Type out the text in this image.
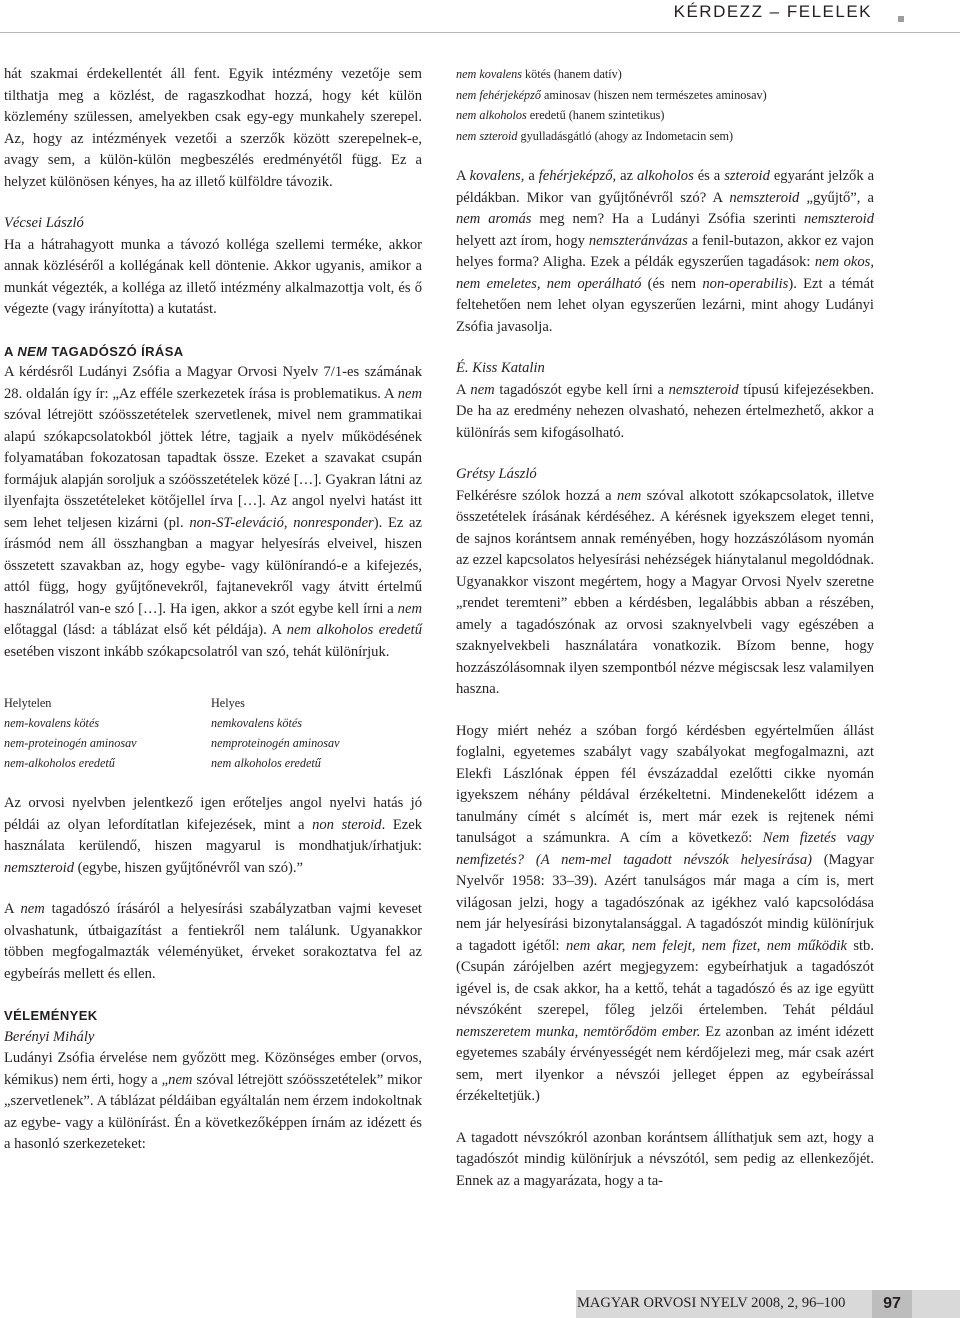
KÉRDEZZ – FELELEK

hát szakmai érdekellentét áll fent. Egyik intézmény vezetője sem tilthatja meg a közlést, de ragaszkodhat hozzá, hogy két külön közlemény szülessen, amelyekben csak egy-egy munkahely szerepel. Az, hogy az intézmények vezetői a szerzők között szerepelnek-e, avagy sem, a külön-külön megbeszélés eredményétől függ. Ez a helyzet különösen kényes, ha az illető külföldre távozik.

Vécsei László

Ha a hátrahagyott munka a távozó kolléga szellemi terméke, akkor annak közléséről a kollégának kell döntenie. Akkor ugyanis, amikor a munkát végezték, a kolléga az illető intézmény alkalmazottja volt, és ő végezte (vagy irányította) a kutatást.

A NEM TAGADÓSZÓ ÍRÁSA

A kérdésről Ludányi Zsófia a Magyar Orvosi Nyelv 7/1-es számának 28. oldalán így ír: „Az efféle szerkezetek írása is problematikus. A nem szóval létrejött szóösszetételek szervetlenek, mivel nem grammatikai alapú szókapcsolatokból jöttek létre, tagjaik a nyelv működésének folyamatában fokozatosan tapadtak össze. Ezeket a szavakat csupán formájuk alapján soroljuk a szóösszetételek közé […]. Gyakran látni az ilyenfajta összetételeket kötőjellel írva […]. Az angol nyelvi hatást itt sem lehet teljesen kizárni (pl. non-ST-eleváció, nonresponder). Ez az írásmód nem áll összhangban a magyar helyesírás elveivel, hiszen összetett szavakban az, hogy egybe- vagy különírandó-e a kifejezés, attól függ, hogy gyűjtőnevekről, fajtanevekről vagy átvitt értelmű használatról van-e szó […]. Ha igen, akkor a szót egybe kell írni a nem előtaggal (lásd: a táblázat első két példája). A nem alkoholos eredetű esetében viszont inkább szókapcsolatról van szó, tehát különírjuk.

Helytelen	Helyes
nem-kovalens kötés	nemkovalens kötés
nem-proteinogén aminosav	nemproteinogén aminosav
nem-alkoholos eredetű	nem alkoholos eredetű

Az orvosi nyelvben jelentkező igen erőteljes angol nyelvi hatás jó példái az olyan lefordítatlan kifejezések, mint a non steroid. Ezek használata kerülendő, hiszen magyarul is mondhatjuk/írhatjuk: nemszteroid (egybe, hiszen gyűjtőnévről van szó).”

A nem tagadószó írásáról a helyesírási szabályzatban vajmi keveset olvashatunk, útbaigazítást a fentiekről nem találunk. Ugyanakkor többen megfogalmazták véleményüket, érveket sorakoztatva fel az egybeírás mellett és ellen.

VÉLEMÉNYEK
Berényi Mihály

Ludányi Zsófia érvelése nem győzött meg. Közönséges ember (orvos, kémikus) nem érti, hogy a „nem szóval létrejött szóösszetételek” mikor „szervetlenek”. A táblázat példáiban egyáltalán nem érzem indokoltnak az egybe- vagy a különírást. Én a következőképpen írnám az idézett és a hasonló szerkezeteket:

nem kovalens kötés (hanem datív)
nem fehérjeképző aminosav (hiszen nem természetes aminosav)
nem alkoholos eredetű (hanem szintetikus)
nem szteroid gyulladásgátló (ahogy az Indometacin sem)

A kovalens, a fehérjeképző, az alkoholos és a szteroid egyaránt jelzők a példákban. Mikor van gyűjtőnévről szó? A nemszteroid „gyűjtő”, a nem aromás meg nem? Ha a Ludányi Zsófia szerinti nemszteroid helyett azt írom, hogy nemszteránvázas a fenil-butazon, akkor ez vajon helyes forma? Aligha. Ezek a példák egyszerűen tagadások: nem okos, nem emeletes, nem operálható (és nem non-operabilis). Ezt a témát feltehetően nem lehet olyan egyszerűen lezárni, mint ahogy Ludányi Zsófia javasolja.

É. Kiss Katalin

A nem tagadószót egybe kell írni a nemszteroid típusú kifejezésekben. De ha az eredmény nehezen olvasható, nehezen értelmezhető, akkor a különírás sem kifogásolható.

Grétsy László

Felkérésre szólok hozzá a nem szóval alkotott szókapcsolatok, illetve összetételek írásának kérdéséhez. A kérésnek igyekszem eleget tenni, de sajnos korántsem annak reményében, hogy hozzászólásom nyomán az ezzel kapcsolatos helyesírási nehézségek hiánytalanul megoldódnak. Ugyanakkor viszont megértem, hogy a Magyar Orvosi Nyelv szeretne „rendet teremteni” ebben a kérdésben, legalábbis abban a részében, amely a tagadószónak az orvosi szaknyelvbeli vagy egészében a szaknyelvekbeli használatára vonatkozik. Bízom benne, hogy hozzászólásomnak ilyen szempontból nézve mégiscsak lesz valamilyen haszna.

Hogy miért nehéz a szóban forgó kérdésben egyértelműen állást foglalni, egyetemes szabályt vagy szabályokat megfogalmazni, azt Elekfi Lászlónak éppen fél évszázaddal ezelőtti cikke nyomán igyekszem néhány példával érzékeltetni. Mindenekelőtt idézem a tanulmány címét s alcímét is, mert már ezek is rejtenek némi tanulságot a számunkra. A cím a következő: Nem fizetés vagy nemfizetés? (A nem-mel tagadott névszók helyesírása) (Magyar Nyelvőr 1958: 33–39). Azért tanulságos már maga a cím is, mert világosan jelzi, hogy a tagadószónak az igékhez való kapcsolódása nem jár helyesírási bizonytalansággal. A tagadószót mindig különírjuk a tagadott igétől: nem akar, nem felejt, nem fizet, nem működik stb. (Csupán zárójelben azért megjegyzem: egybeírhatjuk a tagadószót igével is, de csak akkor, ha a kettő, tehát a tagadószó és az ige együtt névszóként szerepel, főleg jelzői értelemben. Tehát például nemszeretem munka, nemtörődöm ember. Ez azonban az imént idézett egyetemes szabály érvényességét nem kérdőjelezi meg, már csak azért sem, mert ilyenkor a névszói jelleget éppen az egybeírással érzékeltetjük.)

A tagadott névszókról azonban korántsem állíthatjuk sem azt, hogy a tagadószót mindig különírjuk a névszótól, sem pedig az ellenkezőjét. Ennek az a magyarázata, hogy a ta-

MAGYAR ORVOSI NYELV 2008, 2, 96–100	97
